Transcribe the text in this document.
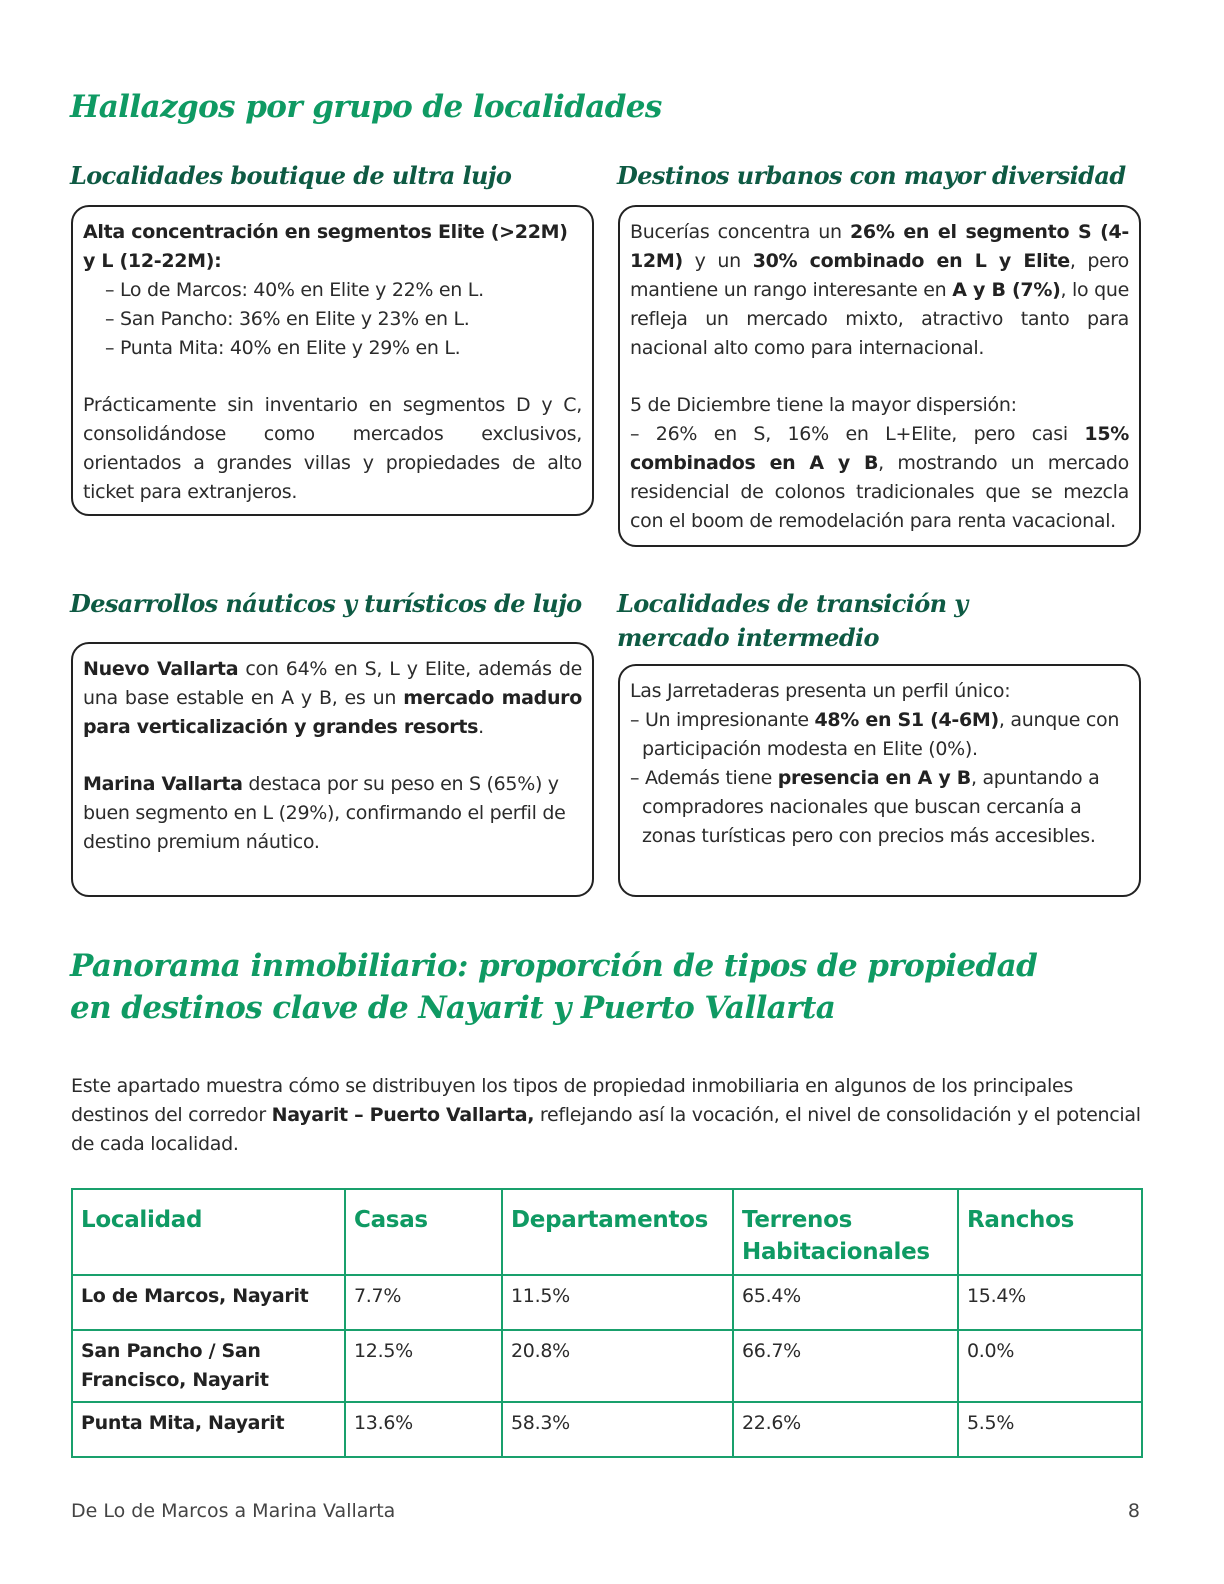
Hallazgos por grupo de localidades
Localidades boutique de ultra lujo

Alta concentración en segmentos Elite (>22M) y L (12-22M):

– Lo de Marcos: 40% en Elite y 22% en L.

– San Pancho: 36% en Elite y 23% en L.

– Punta Mita: 40% en Elite y 29% en L.

Prácticamente sin inventario en segmentos D y C, consolidándose como mercados exclusivos, orientados a grandes villas y propiedades de alto ticket para extranjeros.

Destinos urbanos con mayor diversidad

Bucerías concentra un 26% en el segmento S (4-12M) y un 30% combinado en L y Elite, pero mantiene un rango interesante en A y B (7%), lo que refleja un mercado mixto, atractivo tanto para nacional alto como para internacional.

5 de Diciembre tiene la mayor dispersión:

– 26% en S, 16% en L+Elite, pero casi 15% combinados en A y B, mostrando un mercado residencial de colonos tradicionales que se mezcla con el boom de remodelación para renta vacacional.

Desarrollos náuticos y turísticos de lujo

Nuevo Vallarta con 64% en S, L y Elite, además de una base estable en A y B, es un mercado maduro para verticalización y grandes resorts.

Marina Vallarta destaca por su peso en S (65%) y buen segmento en L (29%), confirmando el perfil de destino premium náutico.

Localidades de transición y mercado intermedio

Las Jarretaderas presenta un perfil único:

– Un impresionante 48% en S1 (4-6M), aunque con participación modesta en Elite (0%).

– Además tiene presencia en A y B, apuntando a compradores nacionales que buscan cercanía a zonas turísticas pero con precios más accesibles.

Panorama inmobiliario: proporción de tipos de propiedad
en destinos clave de Nayarit y Puerto Vallarta

Este apartado muestra cómo se distribuyen los tipos de propiedad inmobiliaria en algunos de los principales destinos del corredor Nayarit – Puerto Vallarta, reflejando así la vocación, el nivel de consolidación y el potencial de cada localidad.

Localidad	Casas	Departamentos	Terrenos Habitacionales	Ranchos
Lo de Marcos, Nayarit	7.7%	11.5%	65.4%	15.4%
San Pancho / San Francisco, Nayarit	12.5%	20.8%	66.7%	0.0%
Punta Mita, Nayarit	13.6%	58.3%	22.6%	5.5%
De Lo de Marcos a Marina Vallarta	8
